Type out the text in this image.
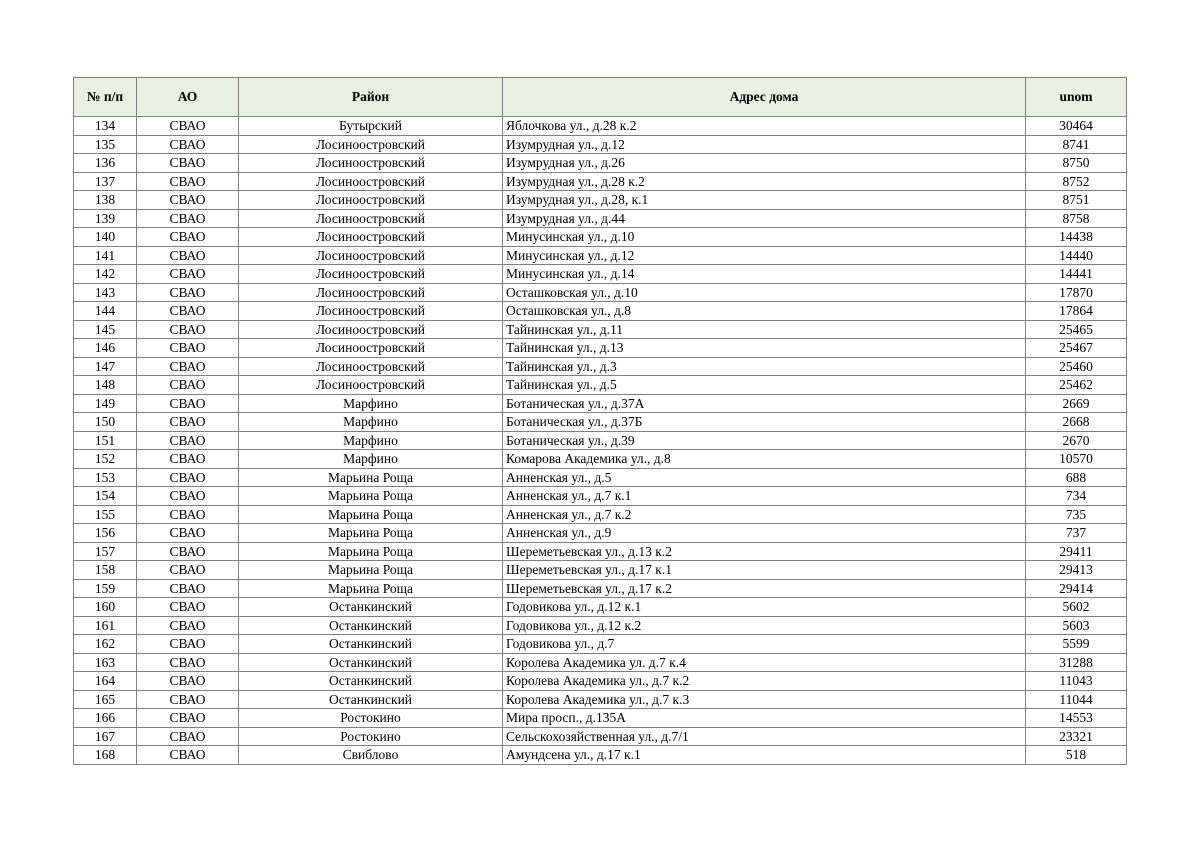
№ п/п	АО	Район	Адрес дома	unom
134	СВАО	Бутырский	Яблочкова ул., д.28 к.2	30464
135	СВАО	Лосиноостровский	Изумрудная ул., д.12	8741
136	СВАО	Лосиноостровский	Изумрудная ул., д.26	8750
137	СВАО	Лосиноостровский	Изумрудная ул., д.28 к.2	8752
138	СВАО	Лосиноостровский	Изумрудная ул., д.28, к.1	8751
139	СВАО	Лосиноостровский	Изумрудная ул., д.44	8758
140	СВАО	Лосиноостровский	Минусинская ул., д.10	14438
141	СВАО	Лосиноостровский	Минусинская ул., д.12	14440
142	СВАО	Лосиноостровский	Минусинская ул., д.14	14441
143	СВАО	Лосиноостровский	Осташковская ул., д.10	17870
144	СВАО	Лосиноостровский	Осташковская ул., д.8	17864
145	СВАО	Лосиноостровский	Тайнинская ул., д.11	25465
146	СВАО	Лосиноостровский	Тайнинская ул., д.13	25467
147	СВАО	Лосиноостровский	Тайнинская ул., д.3	25460
148	СВАО	Лосиноостровский	Тайнинская ул., д.5	25462
149	СВАО	Марфино	Ботаническая ул., д.37А	2669
150	СВАО	Марфино	Ботаническая ул., д.37Б	2668
151	СВАО	Марфино	Ботаническая ул., д.39	2670
152	СВАО	Марфино	Комарова Академика ул., д.8	10570
153	СВАО	Марьина Роща	Анненская ул., д.5	688
154	СВАО	Марьина Роща	Анненская ул., д.7 к.1	734
155	СВАО	Марьина Роща	Анненская ул., д.7 к.2	735
156	СВАО	Марьина Роща	Анненская ул., д.9	737
157	СВАО	Марьина Роща	Шереметьевская ул., д.13 к.2	29411
158	СВАО	Марьина Роща	Шереметьевская ул., д.17 к.1	29413
159	СВАО	Марьина Роща	Шереметьевская ул., д.17 к.2	29414
160	СВАО	Останкинский	Годовикова ул., д.12 к.1	5602
161	СВАО	Останкинский	Годовикова ул., д.12 к.2	5603
162	СВАО	Останкинский	Годовикова ул., д.7	5599
163	СВАО	Останкинский	Королева Академика ул. д.7 к.4	31288
164	СВАО	Останкинский	Королева Академика ул., д.7 к.2	11043
165	СВАО	Останкинский	Королева Академика ул., д.7 к.3	11044
166	СВАО	Ростокино	Мира просп., д.135А	14553
167	СВАО	Ростокино	Сельскохозяйственная ул., д.7/1	23321
168	СВАО	Свиблово	Амундсена ул., д.17 к.1	518
